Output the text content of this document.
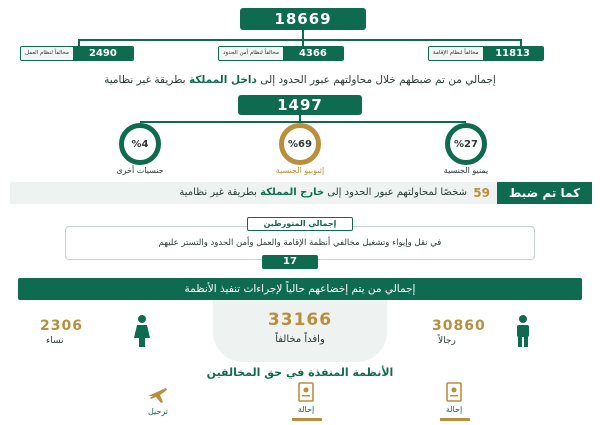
18669
2490
مخالفاً لنظام العمل	4366
مخالفاً لنظام أمن الحدود	11813
مخالفاً لنظام الإقامة
إجمالي من تم ضبطهم خلال محاولتهم عبور الحدود إلى داخل المملكة بطريقة غير نظامية
1497
%4
جنسيات أخرى
%69
إثيوبيو الجنسية
%27
يمنيو الجنسية
كما تم ضبط
59
شخصًا لمحاولتهم عبور الحدود إلى خارج المملكة بطريقة غير نظامية
إجمالي المتورطين
في نقل وإيواء وتشغيل مخالفي أنظمة الإقامة والعمل وأمن الحدود والتستر عليهم
17
إجمالي من يتم إخضاعهم حالياً لإجراءات تنفيذ الأنظمة
33166
وافداً مخالفاً
2306
نساء
30860
رجالاً
الأنظمة المنفذة في حق المخالفين
ترحيل	إحالة	إحالة
